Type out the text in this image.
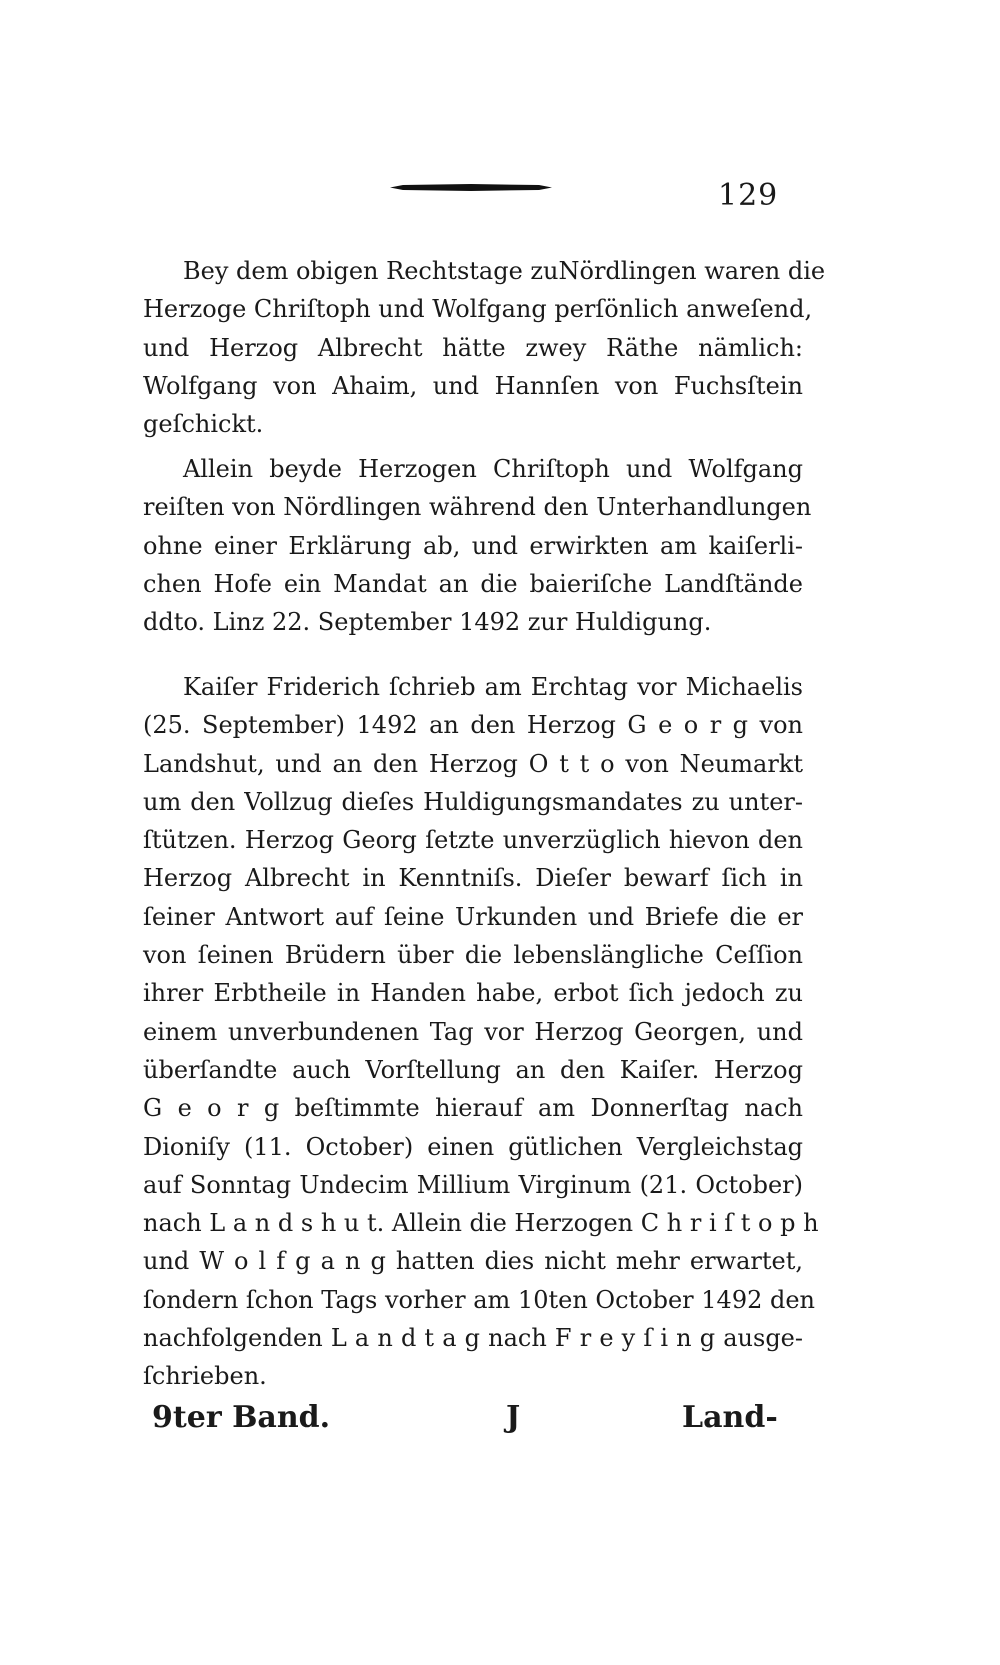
129
Bey dem obigen Rechtstage zuNördlingen waren die
Herzoge Chriſtoph und Wolfgang perſönlich anweſend,
und Herzog Albrecht hätte zwey Räthe nämlich:
Wolfgang von Ahaim, und Hannſen von Fuchsſtein
geſchickt.
Allein beyde Herzogen Chriſtoph und Wolfgang
reiſten von Nördlingen während den Unterhandlungen
ohne einer Erklärung ab, und erwirkten am kaiſerli-
chen Hofe ein Mandat an die baieriſche Landſtände
ddto. Linz 22. September 1492 zur Huldigung.
Kaiſer Friderich ſchrieb am Erchtag vor Michaelis
(25. September) 1492 an den Herzog G e o r g von
Landshut, und an den Herzog O t t o von Neumarkt
um den Vollzug dieſes Huldigungsmandates zu unter-
ſtützen. Herzog Georg ſetzte unverzüglich hievon den
Herzog Albrecht in Kenntniſs. Dieſer bewarf ſich in
ſeiner Antwort auf ſeine Urkunden und Briefe die er
von ſeinen Brüdern über die lebenslängliche Ceſſion
ihrer Erbtheile in Handen habe, erbot ſich jedoch zu
einem unverbundenen Tag vor Herzog Georgen, und
überſandte auch Vorſtellung an den Kaiſer. Herzog
G e o r g beſtimmte hierauf am Donnerſtag nach
Dioniſy (11. October) einen gütlichen Vergleichstag
auf Sonntag Undecim Millium Virginum (21. October)
nach L a n d s h u t. Allein die Herzogen C h r i ſ t o p h
und W o l f g a n g hatten dies nicht mehr erwartet,
ſondern ſchon Tags vorher am 10ten October 1492 den
nachfolgenden L a n d t a g nach F r e y ſ i n g ausge-
ſchrieben.
9ter Band.	J	Land-
